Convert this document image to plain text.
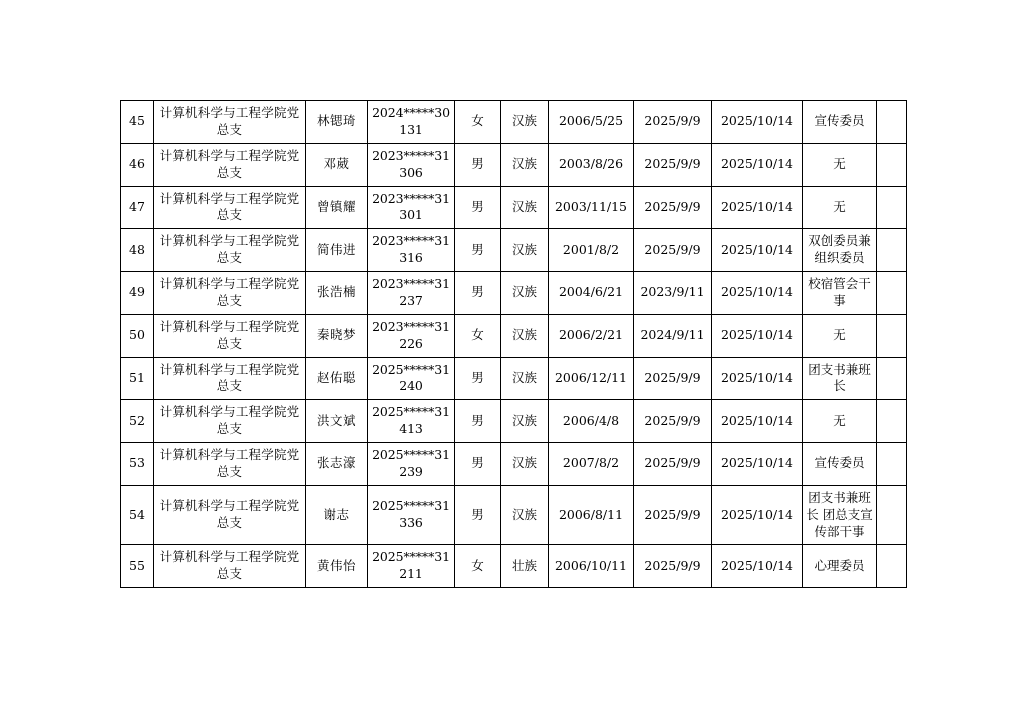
45	计算机科学与工程学院党总支	林锶琦	2024*****30131	女	汉族	2006/5/25	2025/9/9	2025/10/14	宣传委员	
46	计算机科学与工程学院党总支	邓葳	2023*****31306	男	汉族	2003/8/26	2025/9/9	2025/10/14	无	
47	计算机科学与工程学院党总支	曾镇耀	2023*****31301	男	汉族	2003/11/15	2025/9/9	2025/10/14	无	
48	计算机科学与工程学院党总支	简伟进	2023*****31316	男	汉族	2001/8/2	2025/9/9	2025/10/14	双创委员兼组织委员	
49	计算机科学与工程学院党总支	张浩楠	2023*****31237	男	汉族	2004/6/21	2023/9/11	2025/10/14	校宿管会干事	
50	计算机科学与工程学院党总支	秦晓梦	2023*****31226	女	汉族	2006/2/21	2024/9/11	2025/10/14	无	
51	计算机科学与工程学院党总支	赵佑聪	2025*****31240	男	汉族	2006/12/11	2025/9/9	2025/10/14	团支书兼班长	
52	计算机科学与工程学院党总支	洪文斌	2025*****31413	男	汉族	2006/4/8	2025/9/9	2025/10/14	无	
53	计算机科学与工程学院党总支	张志濠	2025*****31239	男	汉族	2007/8/2	2025/9/9	2025/10/14	宣传委员	
54	计算机科学与工程学院党总支	谢志	2025*****31336	男	汉族	2006/8/11	2025/9/9	2025/10/14	团支书兼班长 团总支宣传部干事	
55	计算机科学与工程学院党总支	黄伟怡	2025*****31211	女	壮族	2006/10/11	2025/9/9	2025/10/14	心理委员	
